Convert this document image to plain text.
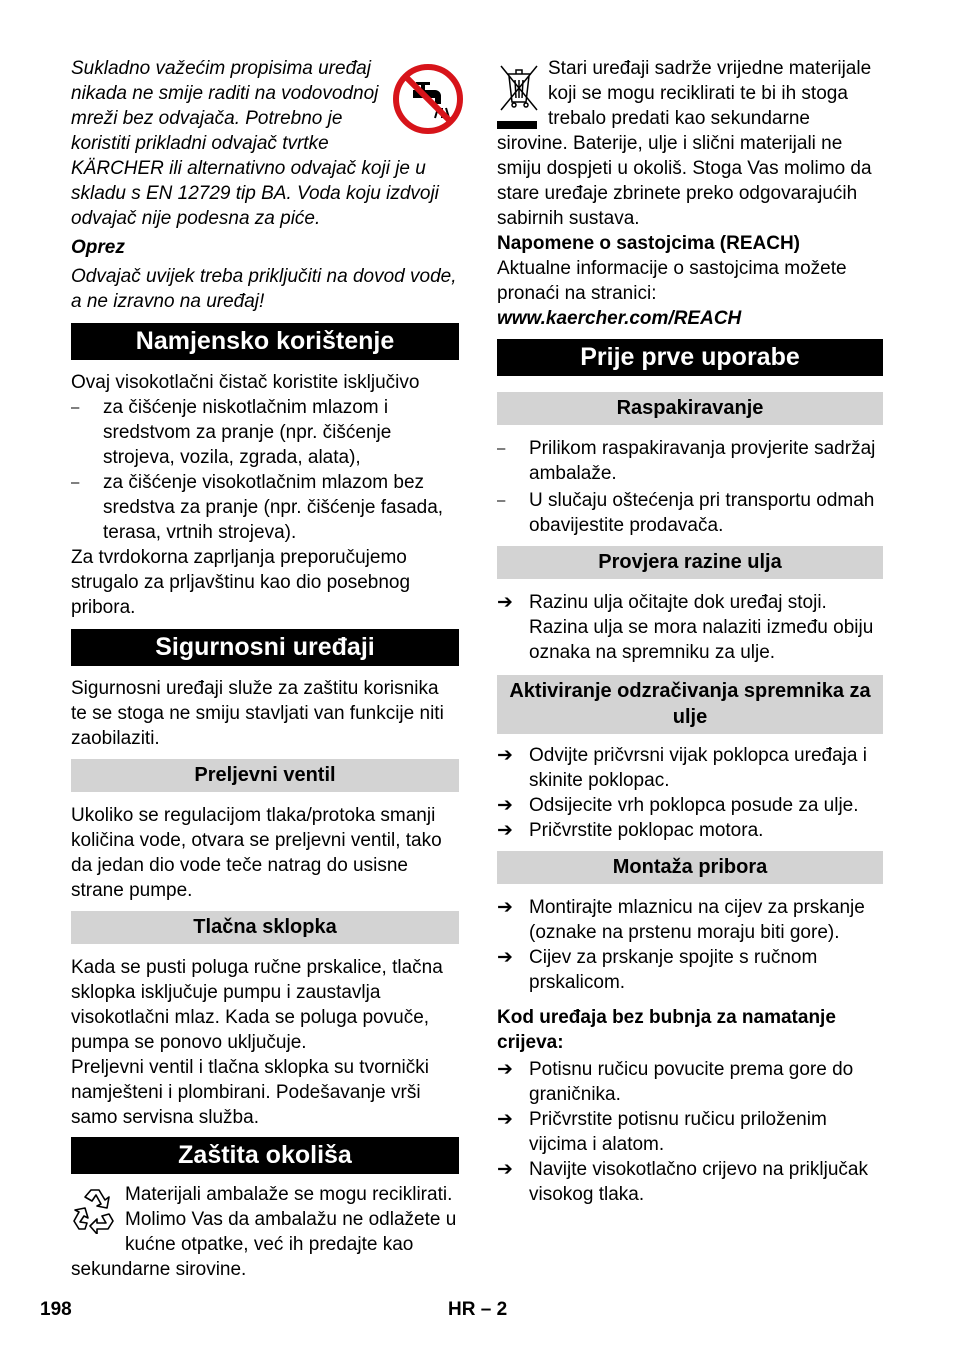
Sukladno važećim propisima uređaj nikada ne smije raditi na vodovodnoj mreži bez odvajača. Potrebno je koristiti prikladni odvajač tvrtke KÄRCHER ili alternativno odvajač koji je u skladu s EN 12729 tip BA. Voda koju izdvoji odvajač nije podesna za piće.

Oprez

Odvajač uvijek treba priključiti na dovod vode, a ne izravno na uređaj!

Namjensko korištenje

Ovaj visokotlačni čistač koristite isključivo

– za čišćenje niskotlačnim mlazom i sredstvom za pranje (npr. čišćenje strojeva, vozila, zgrada, alata),
– za čišćenje visokotlačnim mlazom bez sredstva za pranje (npr. čišćenje fasada, terasa, vrtnih strojeva).

Za tvrdokorna zaprljanja preporučujemo strugalo za prljavštinu kao dio posebnog pribora.

Sigurnosni uređaji

Sigurnosni uređaji služe za zaštitu korisnika te se stoga ne smiju stavljati van funkcije niti zaobilaziti.

Preljevni ventil

Ukoliko se regulacijom tlaka/protoka smanji količina vode, otvara se preljevni ventil, tako da jedan dio vode teče natrag do usisne strane pumpe.

Tlačna sklopka

Kada se pusti poluga ručne prskalice, tlačna sklopka isključuje pumpu i zaustavlja visokotlačni mlaz. Kada se poluga povuče, pumpa se ponovo uključuje.

Preljevni ventil i tlačna sklopka su tvornički namješteni i plombirani. Podešavanje vrši samo servisna služba.

Zaštita okoliša

Materijali ambalaže se mogu reciklirati. Molimo Vas da ambalažu ne odlažete u kućne otpatke, već ih predajte kao sekundarne sirovine.

Stari uređaji sadrže vrijedne materijale koji se mogu reciklirati te bi ih stoga trebalo predati kao sekundarne sirovine. Baterije, ulje i slični materijali ne smiju dospjeti u okoliš. Stoga Vas molimo da stare uređaje zbrinete preko odgovarajućih sabirnih sustava.

Napomene o sastojcima (REACH)

Aktualne informacije o sastojcima možete pronaći na stranici:

www.kaercher.com/REACH

Prije prve uporabe
Raspakiravanje
– Prilikom raspakiravanja provjerite sadržaj ambalaže.
– U slučaju oštećenja pri transportu odmah obavijestite prodavača.
Provjera razine ulja
➔ Razinu ulja očitajte dok uređaj stoji. Razina ulja se mora nalaziti između obiju oznaka na spremniku za ulje.
Aktiviranje odzračivanja spremnika za ulje
➔ Odvijte pričvrsni vijak poklopca uređaja i skinite poklopac.
➔ Odsijecite vrh poklopca posude za ulje.
➔ Pričvrstite poklopac motora.
Montaža pribora
➔ Montirajte mlaznicu na cijev za prskanje (oznake na prstenu moraju biti gore).
➔ Cijev za prskanje spojite s ručnom prskalicom.

Kod uređaja bez bubnja za namatanje crijeva:

➔ Potisnu ručicu povucite prema gore do graničnika.
➔ Pričvrstite potisnu ručicu priloženim vijcima i alatom.
➔ Navijte visokotlačno crijevo na priključak visokog tlaka.
198	HR – 2
